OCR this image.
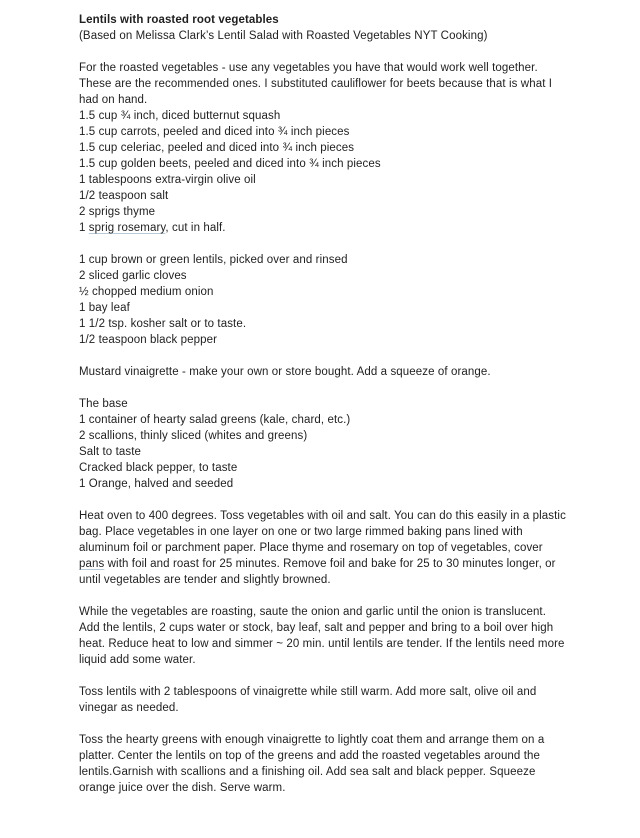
Lentils with roasted root vegetables
(Based on Melissa Clark’s Lentil Salad with Roasted Vegetables NYT Cooking)

For the roasted vegetables - use any vegetables you have that would work well together.
These are the recommended ones. I substituted cauliflower for beets because that is what I
had on hand.
1.5 cup ¾ inch, diced butternut squash
1.5 cup carrots, peeled and diced into ¾ inch pieces
1.5 cup celeriac, peeled and diced into ¾ inch pieces
1.5 cup golden beets, peeled and diced into ¾ inch pieces
1 tablespoons extra-virgin olive oil
1/2 teaspoon salt
2 sprigs thyme
1 sprig rosemary, cut in half.

1 cup brown or green lentils, picked over and rinsed
2 sliced garlic cloves
½ chopped medium onion
1 bay leaf
1 1/2 tsp. kosher salt or to taste.
1/2 teaspoon black pepper

Mustard vinaigrette - make your own or store bought. Add a squeeze of orange.

The base
1 container of hearty salad greens (kale, chard, etc.)
2 scallions, thinly sliced (whites and greens)
Salt to taste
Cracked black pepper, to taste
1 Orange, halved and seeded

Heat oven to 400 degrees. Toss vegetables with oil and salt. You can do this easily in a plastic
bag. Place vegetables in one layer on one or two large rimmed baking pans lined with
aluminum foil or parchment paper. Place thyme and rosemary on top of vegetables, cover
pans with foil and roast for 25 minutes. Remove foil and bake for 25 to 30 minutes longer, or
until vegetables are tender and slightly browned.

While the vegetables are roasting, saute the onion and garlic until the onion is translucent.
Add the lentils, 2 cups water or stock, bay leaf, salt and pepper and bring to a boil over high
heat. Reduce heat to low and simmer ~ 20 min. until lentils are tender. If the lentils need more
liquid add some water.

Toss lentils with 2 tablespoons of vinaigrette while still warm. Add more salt, olive oil and
vinegar as needed.

Toss the hearty greens with enough vinaigrette to lightly coat them and arrange them on a
platter. Center the lentils on top of the greens and add the roasted vegetables around the
lentils.Garnish with scallions and a finishing oil. Add sea salt and black pepper. Squeeze
orange juice over the dish. Serve warm.
